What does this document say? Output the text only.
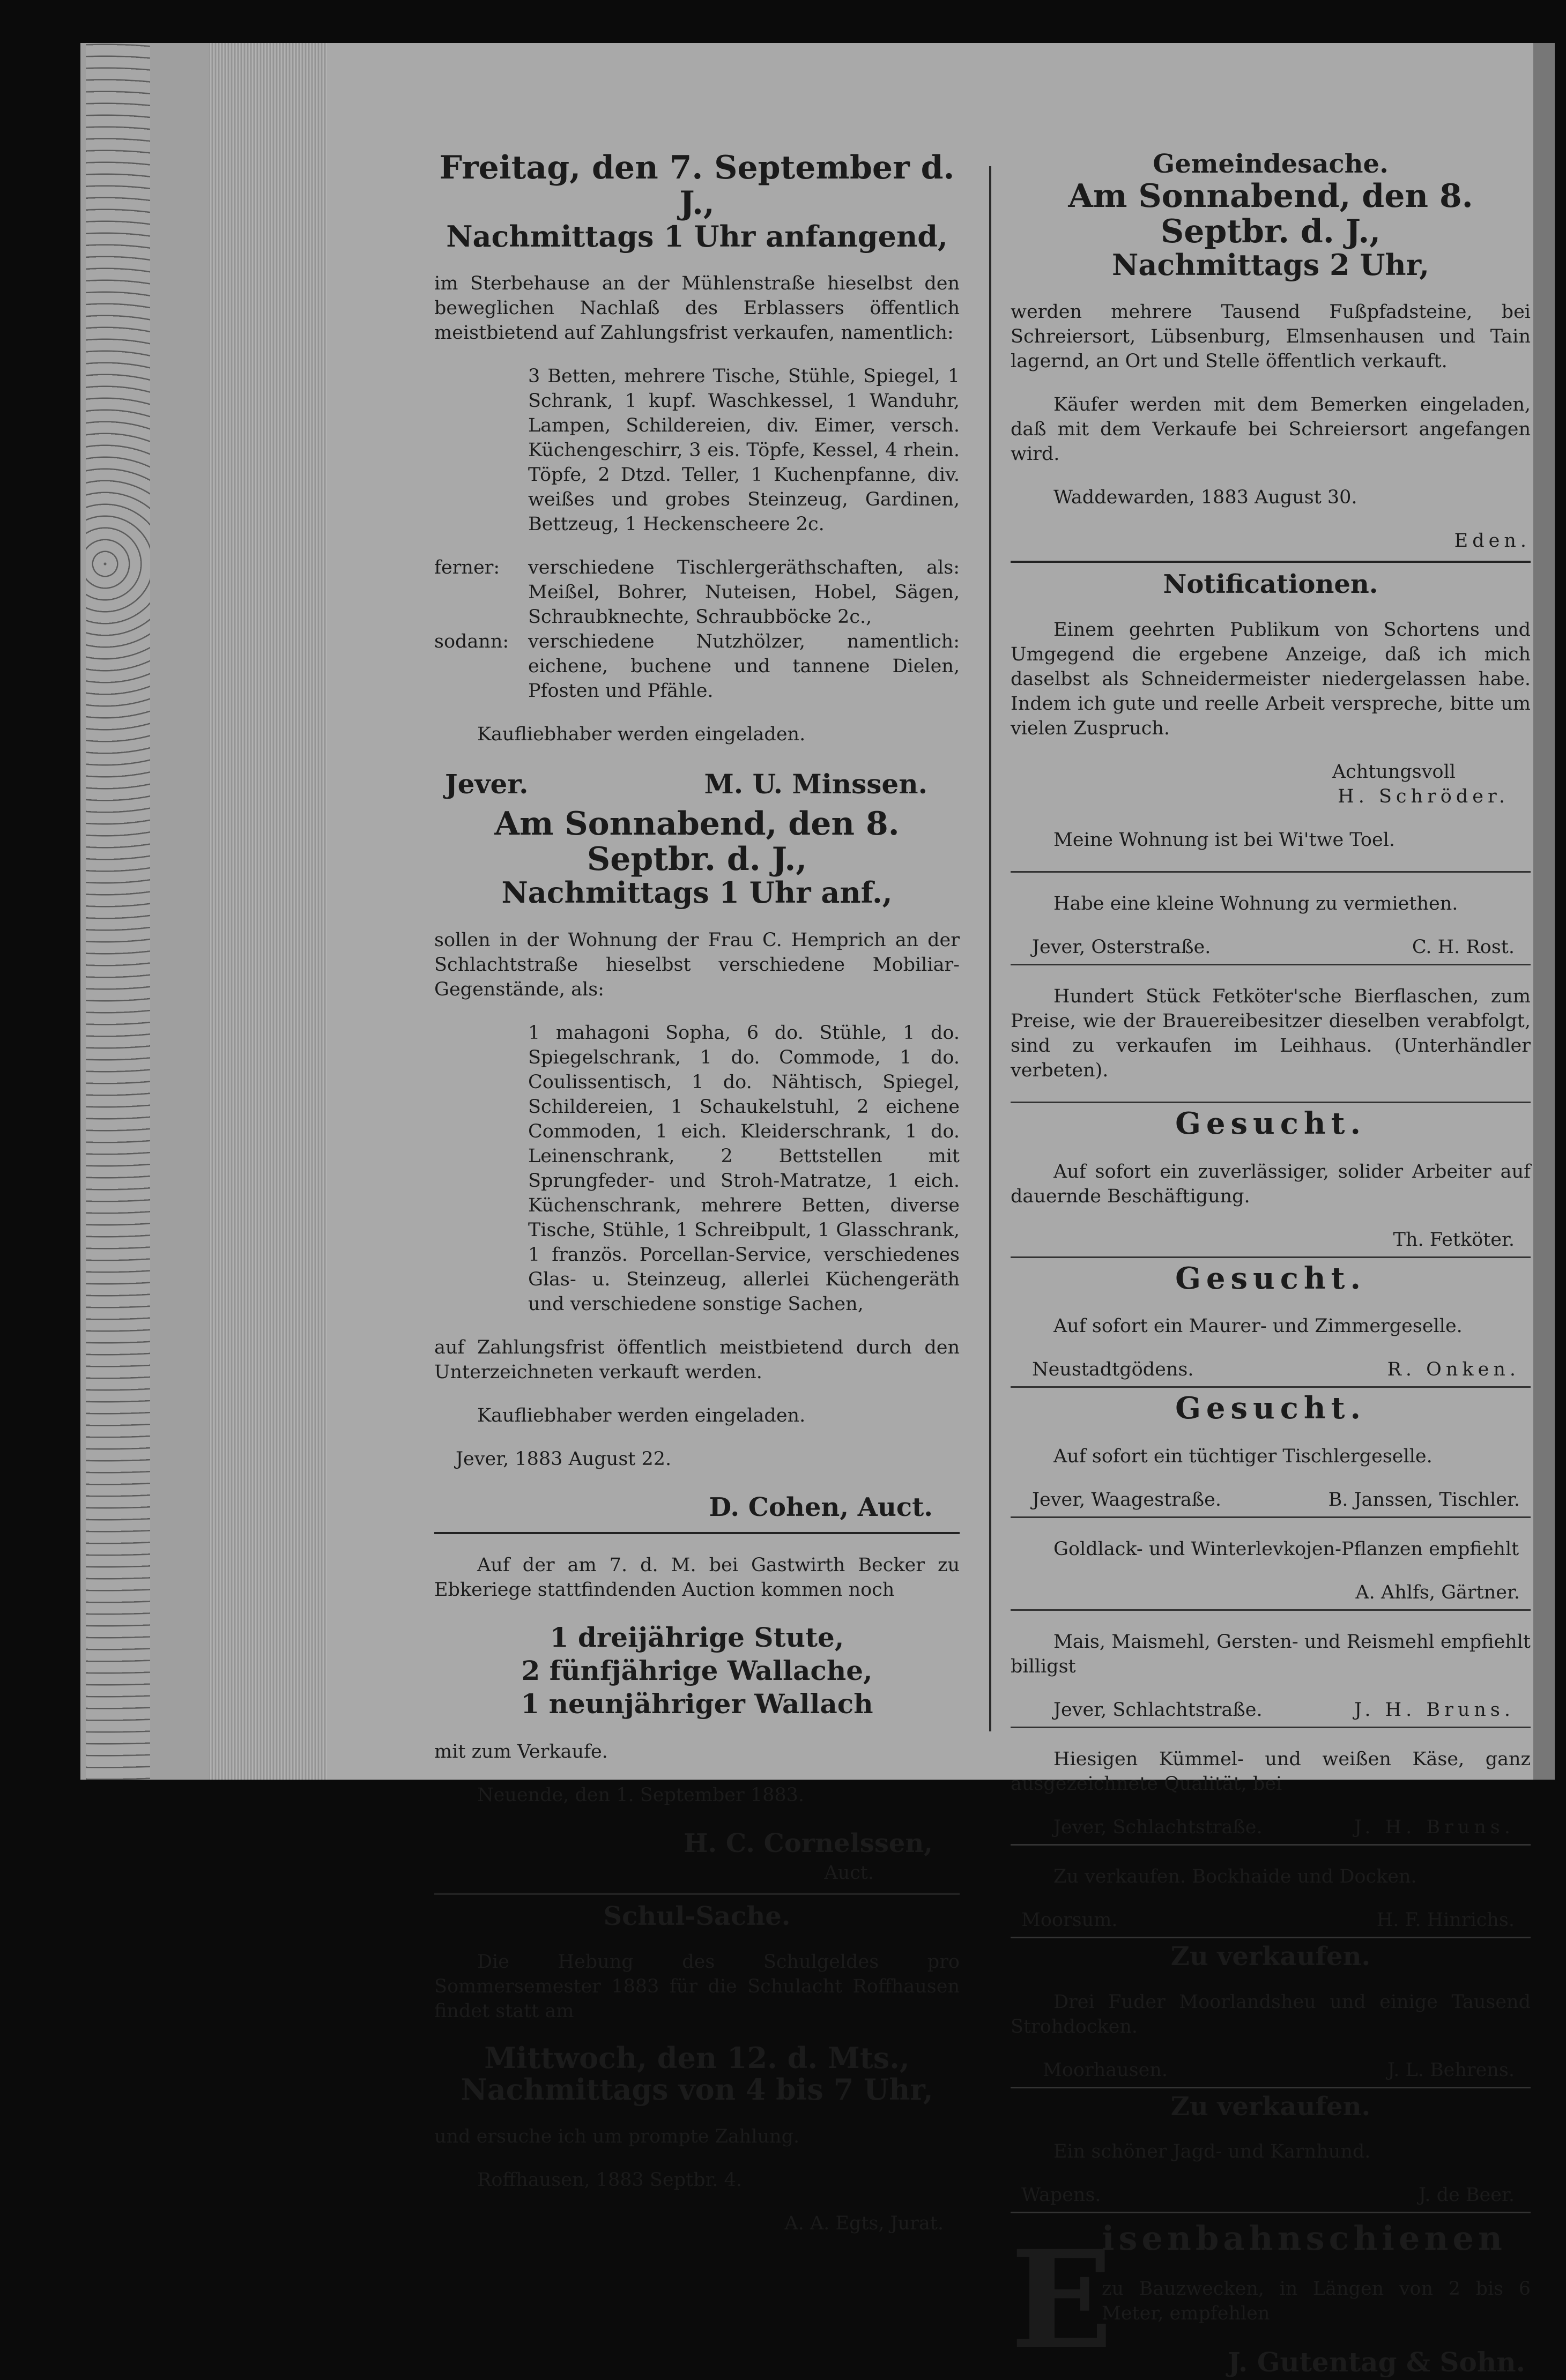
Freitag, den 7. September d. J.,
Nachmittags 1 Uhr anfangend,

im Sterbehause an der Mühlenstraße hieselbst den beweglichen Nachlaß des Erblassers öffentlich meistbietend auf Zahlungsfrist verkaufen, namentlich:

3 Betten, mehrere Tische, Stühle, Spiegel, 1 Schrank, 1 kupf. Waschkessel, 1 Wanduhr, Lampen, Schildereien, div. Eimer, versch. Küchengeschirr, 3 eis. Töpfe, Kessel, 4 rhein. Töpfe, 2 Dtzd. Teller, 1 Kuchenpfanne, div. weißes und grobes Steinzeug, Gardinen, Bettzeug, 1 Heckenscheere 2c.

ferner:	verschiedene Tischlergeräthschaften, als: Meißel, Bohrer, Nuteisen, Hobel, Sägen, Schraubknechte, Schraubböcke 2c.,
sodann:	verschiedene Nutzhölzer, namentlich: eichene, buchene und tannene Dielen, Pfosten und Pfähle.

Kaufliebhaber werden eingeladen.

Jever.	M. U. Minssen.
Am Sonnabend, den 8. Septbr. d. J.,
Nachmittags 1 Uhr anf.,

sollen in der Wohnung der Frau C. Hemprich an der Schlachtstraße hieselbst verschiedene Mobiliar-Gegenstände, als:

1 mahagoni Sopha, 6 do. Stühle, 1 do. Spiegelschrank, 1 do. Commode, 1 do. Coulissentisch, 1 do. Nähtisch, Spiegel, Schildereien, 1 Schaukelstuhl, 2 eichene Commoden, 1 eich. Kleiderschrank, 1 do. Leinenschrank, 2 Bettstellen mit Sprungfeder- und Stroh-Matratze, 1 eich. Küchenschrank, mehrere Betten, diverse Tische, Stühle, 1 Schreibpult, 1 Glasschrank, 1 französ. Porcellan-Service, verschiedenes Glas- u. Steinzeug, allerlei Küchengeräth und verschiedene sonstige Sachen,

auf Zahlungsfrist öffentlich meistbietend durch den Unterzeichneten verkauft werden.

Kaufliebhaber werden eingeladen.

Jever, 1883 August 22.

D. Cohen, Auct.

Auf der am 7. d. M. bei Gastwirth Becker zu Ebkeriege stattfindenden Auction kommen noch

1 dreijährige Stute,
2 fünfjährige Wallache,
1 neunjähriger Wallach

mit zum Verkaufe.

Neuende, den 1. September 1883.

H. C. Cornelssen,
Auct.
Schul-Sache.

Die Hebung des Schulgeldes pro Sommersemester 1883 für die Schulacht Roffhausen findet statt am

Mittwoch, den 12. d. Mts.,
Nachmittags von 4 bis 7 Uhr,

und ersuche ich um prompte Zahlung.

Roffhausen, 1883 Septbr. 4.

A. A. Egts, Jurat.
Gemeindesache.
Am Sonnabend, den 8. Septbr. d. J.,
Nachmittags 2 Uhr,

werden mehrere Tausend Fußpfadsteine, bei Schreiersort, Lübsenburg, Elmsenhausen und Tain lagernd, an Ort und Stelle öffentlich verkauft.

Käufer werden mit dem Bemerken eingeladen, daß mit dem Verkaufe bei Schreiersort angefangen wird.

Waddewarden, 1883 August 30.

Eden.
Notificationen.

Einem geehrten Publikum von Schortens und Umgegend die ergebene Anzeige, daß ich mich daselbst als Schneidermeister niedergelassen habe. Indem ich gute und reelle Arbeit verspreche, bitte um vielen Zuspruch.

Achtungsvoll
H. Schröder.

Meine Wohnung ist bei Wi'twe Toel.

Habe eine kleine Wohnung zu vermiethen.

Jever, Osterstraße.	C. H. Rost.

Hundert Stück Fetköter'sche Bierflaschen, zum Preise, wie der Brauereibesitzer dieselben verabfolgt, sind zu verkaufen im Leihhaus. (Unterhändler verbeten).

Gesucht.

Auf sofort ein zuverlässiger, solider Arbeiter auf dauernde Beschäftigung.

Th. Fetköter.
Gesucht.

Auf sofort ein Maurer- und Zimmergeselle.

Neustadtgödens.	R. Onken.
Gesucht.

Auf sofort ein tüchtiger Tischlergeselle.

Jever, Waagestraße.	B. Janssen, Tischler.

Goldlack- und Winterlevkojen-Pflanzen empfiehlt

A. Ahlfs, Gärtner.

Mais, Maismehl, Gersten- und Reismehl empfiehlt billigst

Jever, Schlachtstraße.	J. H. Bruns.

Hiesigen Kümmel- und weißen Käse, ganz ausgezeichnete Qualität, bei

Jever, Schlachtstraße.	J. H. Bruns.

Zu verkaufen. Bockhaide und Docken.

Moorsum.	H. F. Hinrichs.
Zu verkaufen.

Drei Fuder Moorlandsheu und einige Tausend Strohdocken.

Moorhausen.	J. L. Behrens.
Zu verkaufen.

Ein schöner Jagd- und Karnhund.

Wapens.	J. de Beer.
E
isenbahnschienen

zu Bauzwecken, in Längen von 2 bis 6 Meter, empfehlen

J. Gutentag & Sohn.
